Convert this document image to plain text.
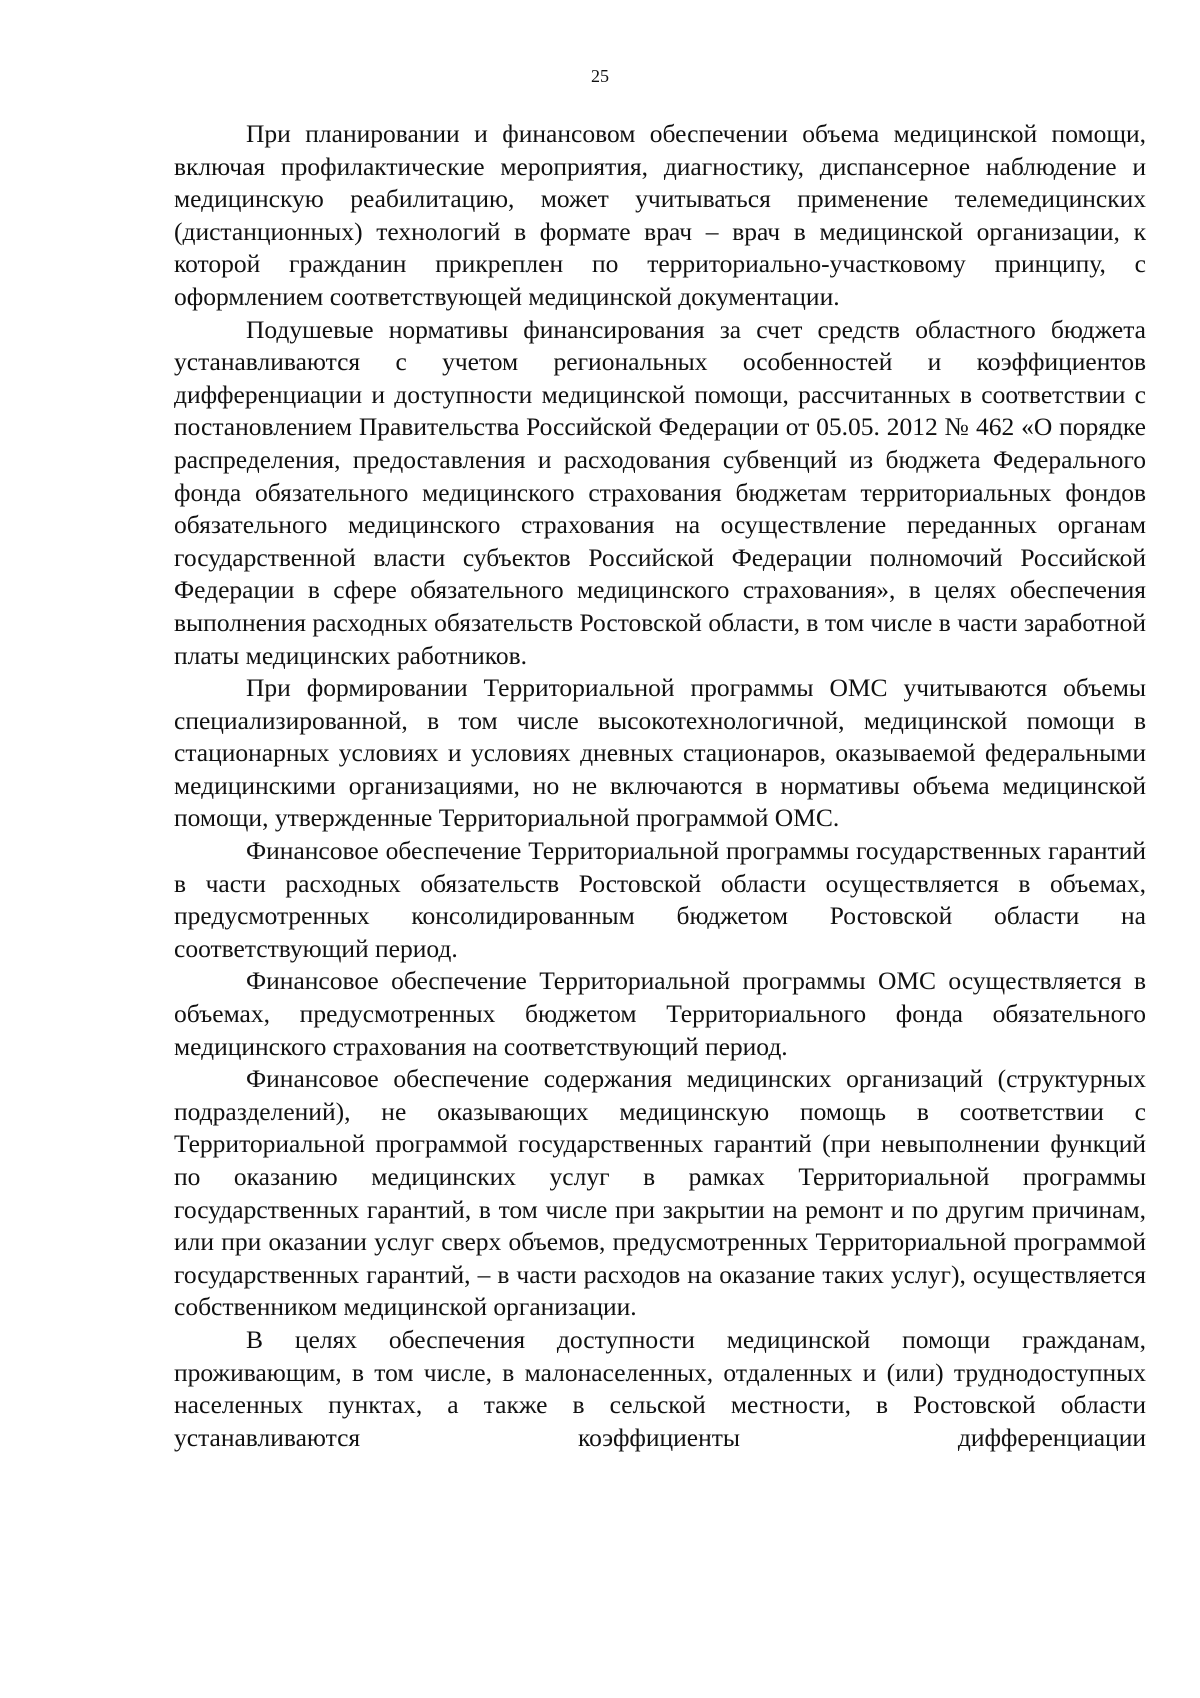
25

При планировании и финансовом обеспечении объема медицинской помощи, включая профилактические мероприятия, диагностику, диспансерное наблюдение и медицинскую реабилитацию, может учитываться применение телемедицинских (дистанционных) технологий в формате врач – врач в медицинской организации, к которой гражданин прикреплен по территориально-участковому принципу, с оформлением соответствующей медицинской документации.

Подушевые нормативы финансирования за счет средств областного бюджета устанавливаются с учетом региональных особенностей и коэффициентов дифференциации и доступности медицинской помощи, рассчитанных в соответствии с постановлением Правительства Российской Федерации от 05.05. 2012 № 462 «О порядке распределения, предоставления и расходования субвенций из бюджета Федерального фонда обязательного медицинского страхования бюджетам территориальных фондов обязательного медицинского страхования на осуществление переданных органам государственной власти субъектов Российской Федерации полномочий Российской Федерации в сфере обязательного медицинского страхования», в целях обеспечения выполнения расходных обязательств Ростовской области, в том числе в части заработной платы медицинских работников.

При формировании Территориальной программы ОМС учитываются объемы специализированной, в том числе высокотехнологичной, медицинской помощи в стационарных условиях и условиях дневных стационаров, оказываемой федеральными медицинскими организациями, но не включаются в нормативы объема медицинской помощи, утвержденные Территориальной программой ОМС.

Финансовое обеспечение Территориальной программы государственных гарантий в части расходных обязательств Ростовской области осуществляется в объемах, предусмотренных консолидированным бюджетом Ростовской области на соответствующий период.

Финансовое обеспечение Территориальной программы ОМС осуществляется в объемах, предусмотренных бюджетом Территориального фонда обязательного медицинского страхования на соответствующий период.

Финансовое обеспечение содержания медицинских организаций (структурных подразделений), не оказывающих медицинскую помощь в соответствии с Территориальной программой государственных гарантий (при невыполнении функций по оказанию медицинских услуг в рамках Территориальной программы государственных гарантий, в том числе при закрытии на ремонт и по другим причинам, или при оказании услуг сверх объемов, предусмотренных Территориальной программой государственных гарантий, – в части расходов на оказание таких услуг), осуществляется собственником медицинской организации.

В целях обеспечения доступности медицинской помощи гражданам, проживающим, в том числе, в малонаселенных, отдаленных и (или) труднодоступных населенных пунктах, а также в сельской местности, в Ростовской области устанавливаются коэффициенты дифференциации
